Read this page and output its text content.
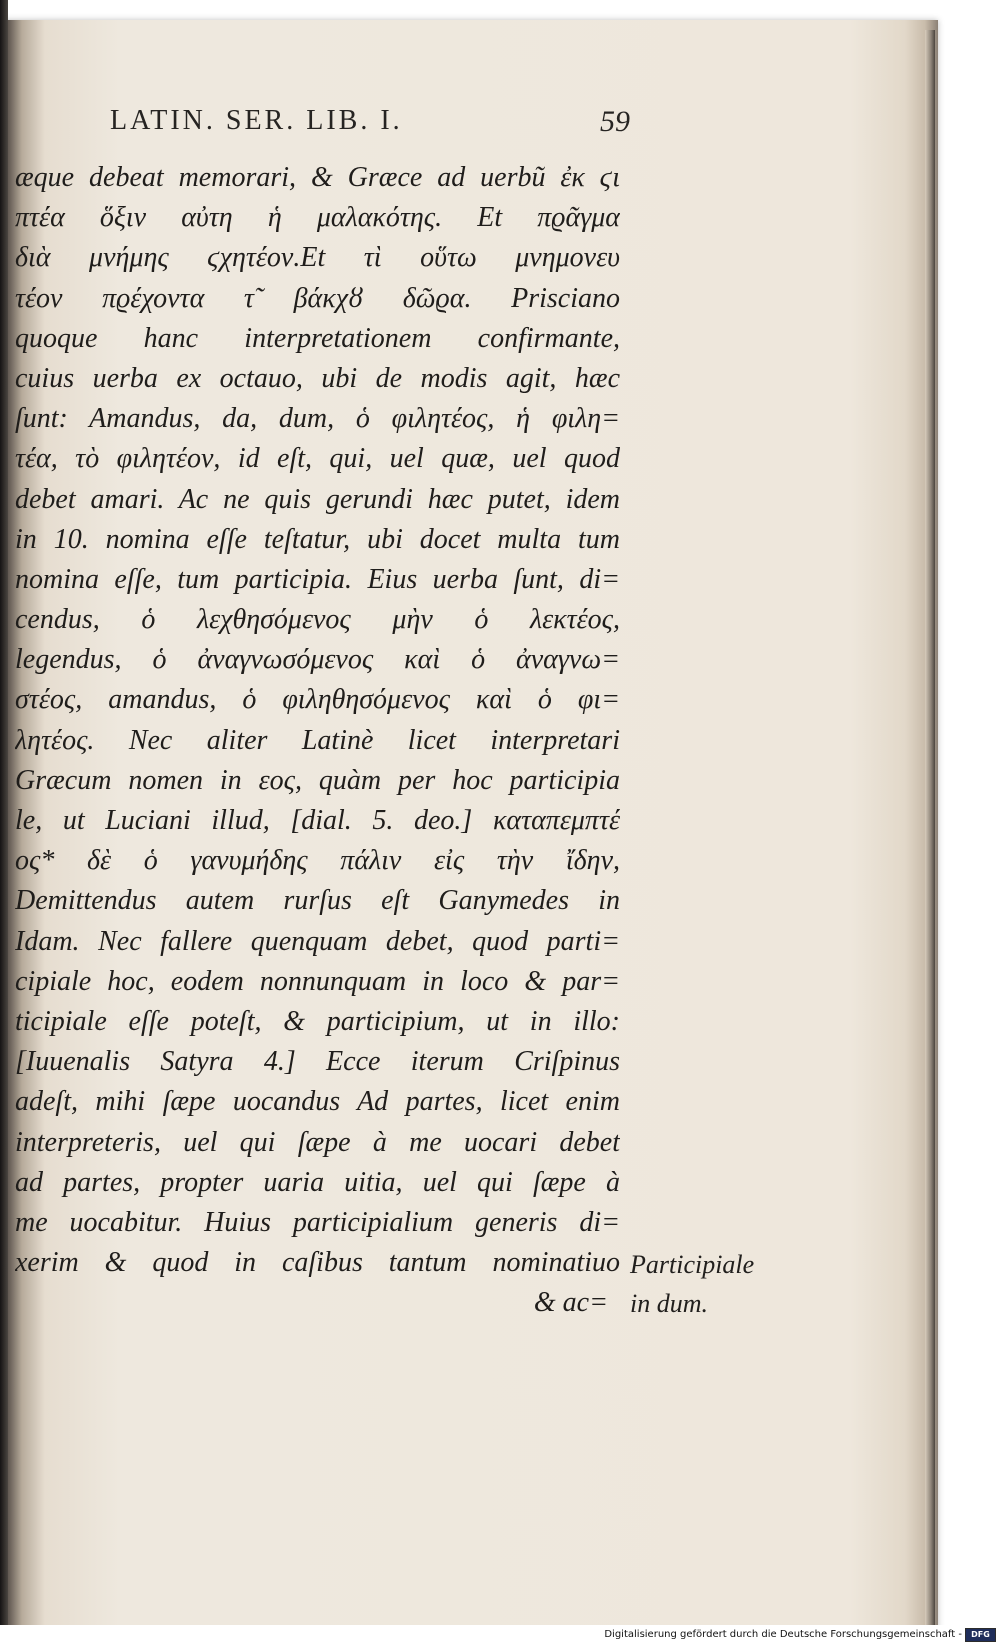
LATIN. SER. LIB. I.	59
æque debeat memorari, & Græce ad uerbũ ἐκ ϛι
πτέα ὅξιν αὐτη ἡ μαλακότης. Et πϱᾶγμα
διὰ μνήμης ϛχητέον.Et τὶ οὕτω μνημονευ
τέον πϱέχοντα τ̃ βάκχȣ δῶϱα. Prisciano
quoque hanc interpretationem confirmante,
cuius uerba ex octauo, ubi de modis agit, hæc
ſunt: Amandus, da, dum, ὁ φιλητέος, ἡ φιλη=
τέα, τὸ φιλητέον, id eſt, qui, uel quæ, uel quod
debet amari. Ac ne quis gerundi hæc putet, idem
in 10. nomina eſſe teſtatur, ubi docet multa tum
nomina eſſe, tum participia. Eius uerba ſunt, di=
cendus, ὁ λεχθησόμενος μὴν ὁ λεκτέος,
legendus, ὁ ἀναγνωσόμενος καὶ ὁ ἀναγνω=
στέος, amandus, ὁ φιληθησόμενος καὶ ὁ φι=
λητέος. Nec aliter Latinè licet interpretari
Græcum nomen in εος, quàm per hoc participia
le, ut Luciani illud, [dial. 5. deo.] καταπεμπτέ
ος* δὲ ὁ γανυμήδης πάλιν εἰς τὴν ἴδην,
Demittendus autem rurſus eſt Ganymedes in
Idam. Nec fallere quenquam debet, quod parti=
cipiale hoc, eodem nonnunquam in loco & par=
ticipiale eſſe poteſt, & participium, ut in illo:
[Iuuenalis Satyra 4.] Ecce iterum Criſpinus
adeſt, mihi ſæpe uocandus Ad partes, licet enim
interpreteris, uel qui ſæpe à me uocari debet
ad partes, propter uaria uitia, uel qui ſæpe à
me uocabitur. Huius participialium generis di=
xerim & quod in caſibus tantum nominatiuo
& ac=
Participiale
in dum.
Digitalisierung gefördert durch die Deutsche Forschungsgemeinschaft -	DFG
